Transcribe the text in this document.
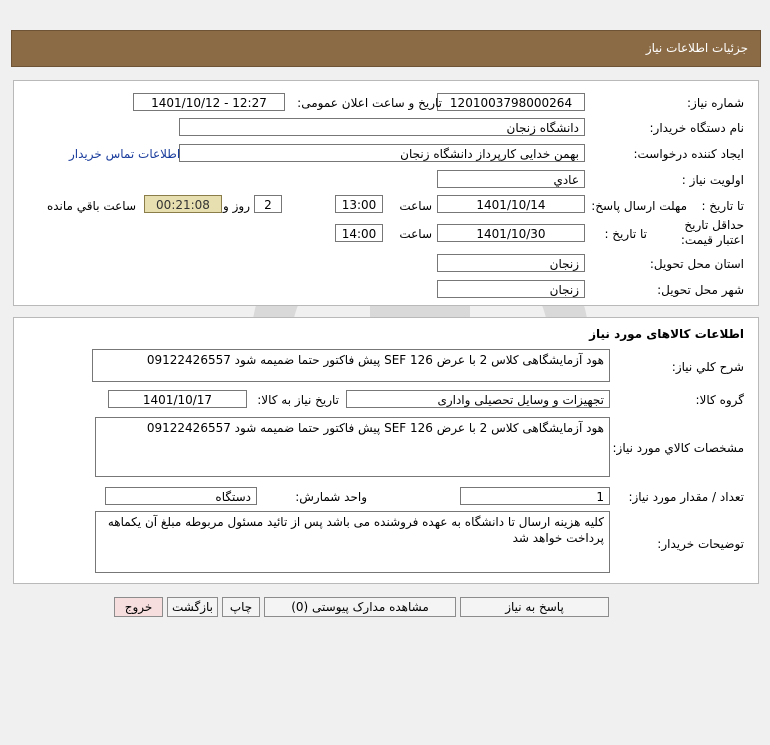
جزئیات اطلاعات نیاز
شماره نیاز:
1201003798000264
تاریخ و ساعت اعلان عمومی:
1401/10/12 - 12:27
نام دستگاه خریدار:
دانشگاه زنجان
ایجاد کننده درخواست:
بهمن خدایی کارپرداز دانشگاه زنجان
اطلاعات تماس خریدار
اولویت نیاز :
عادي
مهلت ارسال پاسخ: تا تاریخ :
1401/10/14
ساعت
13:00
2
روز و
00:21:08
ساعت باقي مانده
حداقل تاریخ اعتبار قیمت:
تا تاریخ :
1401/10/30
ساعت
14:00
استان محل تحویل:
زنجان
شهر محل تحویل:
زنجان
اطلاعات کالاهای مورد نیاز
شرح کلي نیاز:
هود آزمایشگاهی کلاس 2 با عرض SEF 126 پیش فاکتور حتما ضمیمه شود 09122426557
گروه کالا:
تجهیزات و وسایل تحصیلی واداری
تاریخ نیاز به کالا:
1401/10/17
مشخصات کالاي مورد نیاز:
هود آزمایشگاهی کلاس 2 با عرض SEF 126 پیش فاکتور حتما ضمیمه شود 09122426557
تعداد / مقدار مورد نیاز:
1
واحد شمارش:
دستگاه
توضیحات خریدار:
کلیه هزینه ارسال تا دانشگاه به عهده فروشنده می باشد پس از تائید مسئول مربوطه مبلغ آن یکماهه پرداخت خواهد شد
پاسخ به نیاز
مشاهده مدارک پیوستی (0)
چاپ
بازگشت
خروج
